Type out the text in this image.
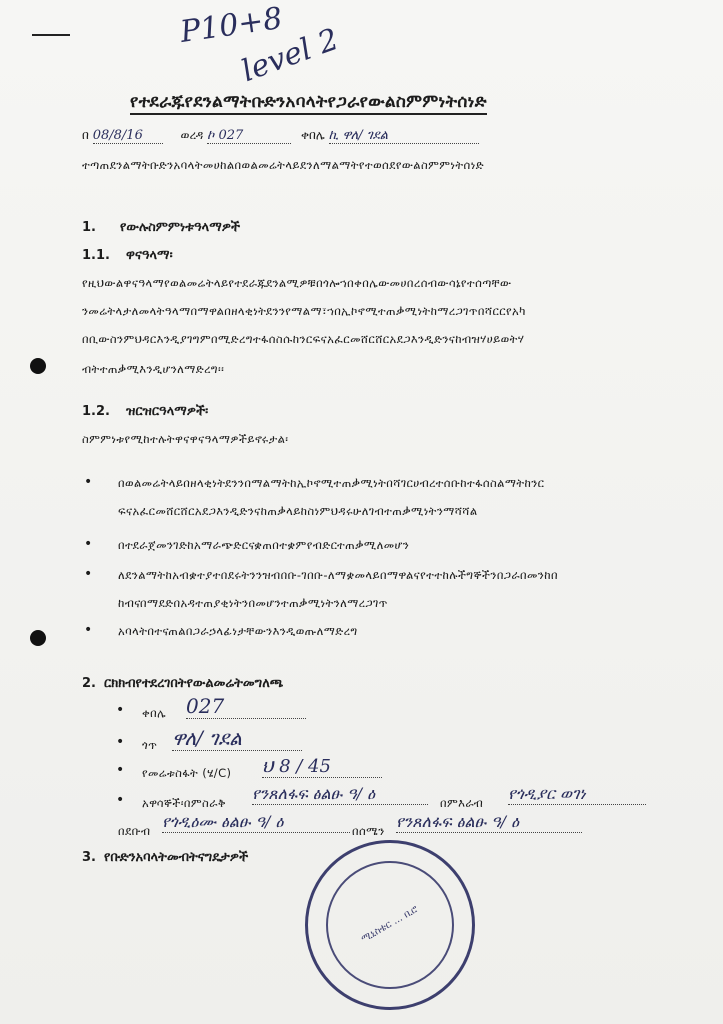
P10+8
level 2
የተደራጁየደንልማትቡድንአባላትየጋራየውልስምምነትሰነድ
በ 08/8/16	ወረዳ ኮ 027	ቀበሌ ኪ ዋለ/ ገደል
ተጣጠደንልማትቡድንአባላትመሀከልበወልመሬትላይደንለማልማትየተወሰደየውልስምምነትሰነድ
1. የውሉስምምነቱዓላማዎች
1.1. ዋናዓላማ፡
የዚህውልዋናዓላማየወልመሬትላይየተደራጁደንልሚዎቹበጎሎኀበቀበሌውመሀበረሰብውሳኔየተሰጣቸው
ንመሬትላታለመላትዓላማበማዋልበዘላቂነትደንንየማልማ፣ኀበኢኮኖሚተጠቃሚነትከማረጋገጥበሻርርየአካ
በቢውስንምህዳርእንዲያገግምበሚድረግተፋሰስሱከንርፍናአፈርመሸርሸርአደጋእንዲድንናከብዝሃሀይወትሃ
ብትተጠቃሚእንዲሆንለማድረግ፡፡
1.2. ዝርዝርዓላማዎች፡
ስምምነቱየሚከተሉትዋናዋናዓላማዎችይኖሩታል፡
• በወልመሬትላይበዘላቂነትደንንበማልማትከኢኮኖሚተጠቃሚነትበሻገርሀብረተሰቡከተፋሰስልማትከንር
ፍናአፈርመሸርሸርአደጋእንዲድንናከጠቃላይከስነምህዳሩሁለገብተጠቃሚነትንማሻሻል
• በተደራጀመንገድከአማራጭድርናቋጠበተቋምየብድርተጠቃሚለመሆን
• ለደንልማትከአብቋተያተበደሩትንንዝብበቡ-ገበቡ-ለማቋመላይበማዋልናየተተከሉችግኞችንበጋራበመንከበ
ከብናበማደድበአዳተጠያቂነትንበመሆንተጠቃሚነትንለማረጋገጥ
• አባላትበተናጠልበጋራኃላፊነታቸውንእንዲወጡለማድረግ
2. ርክክብየተደረገበትየውልመሬትመግለጫ
• ቀበሌ 027
• ጎጥ ዋለ/ ገደል
• የመሬቱስፋት (ሄ/C) ህ 8 / 45
• አዋሳኞች፡በምስራቅ የንጸለፋፍ ፅልፁ ዓ/ ዕ	በምእራብ የጎዲያር ወገነ
በደቡብ የጎዲዕሙ ፅልፁ ዓ/ ዕ	በሰሜን የንጸለፋፍ ፅልፁ ዓ/ ዕ
3. የቡድንአባላትመብትናግዴታዎች
ሚኒስቴር ... ቢሮ
